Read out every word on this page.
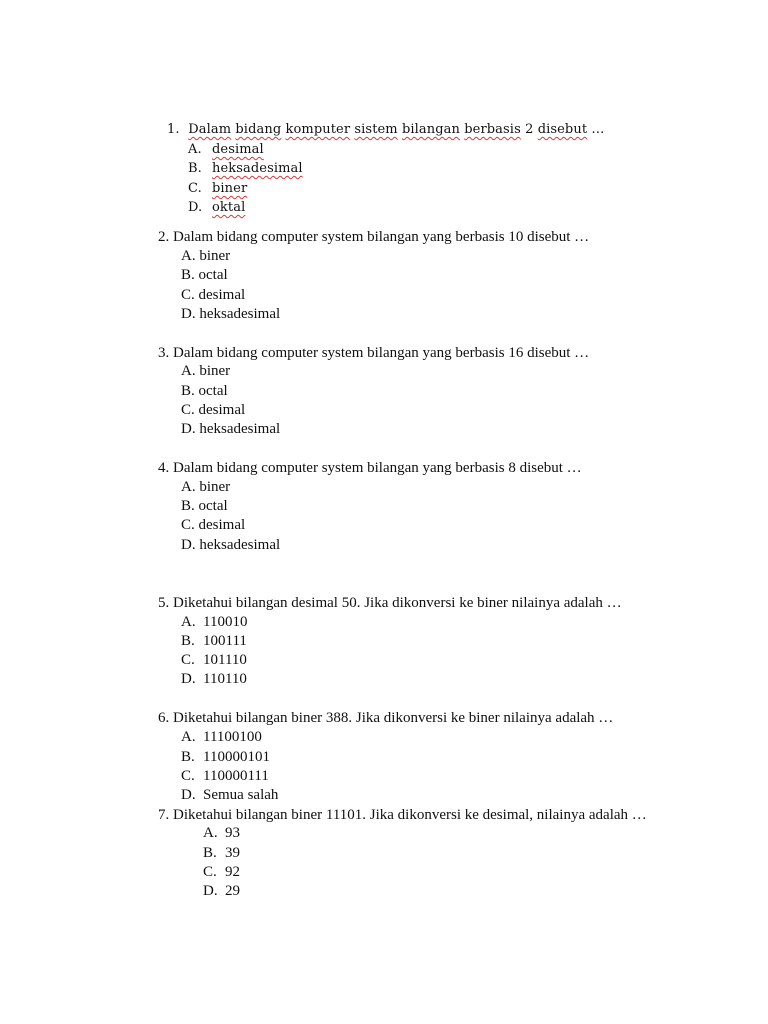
1. Dalam bidang komputer sistem bilangan berbasis 2 disebut …
A. desimal
B. heksadesimal
C. biner
D. oktal
2. Dalam bidang computer system bilangan yang berbasis 10 disebut …
A. biner
B. octal
C. desimal
D. heksadesimal
3. Dalam bidang computer system bilangan yang berbasis 16 disebut …
A. biner
B. octal
C. desimal
D. heksadesimal
4. Dalam bidang computer system bilangan yang berbasis 8 disebut …
A. biner
B. octal
C. desimal
D. heksadesimal
5. Diketahui bilangan desimal 50. Jika dikonversi ke biner nilainya adalah …
A. 110010
B. 100111
C. 101110
D. 110110
6. Diketahui bilangan biner 388. Jika dikonversi ke biner nilainya adalah …
A. 11100100
B. 110000101
C. 110000111
D. Semua salah
7. Diketahui bilangan biner 11101. Jika dikonversi ke desimal, nilainya adalah …
A. 93
B. 39
C. 92
D. 29
